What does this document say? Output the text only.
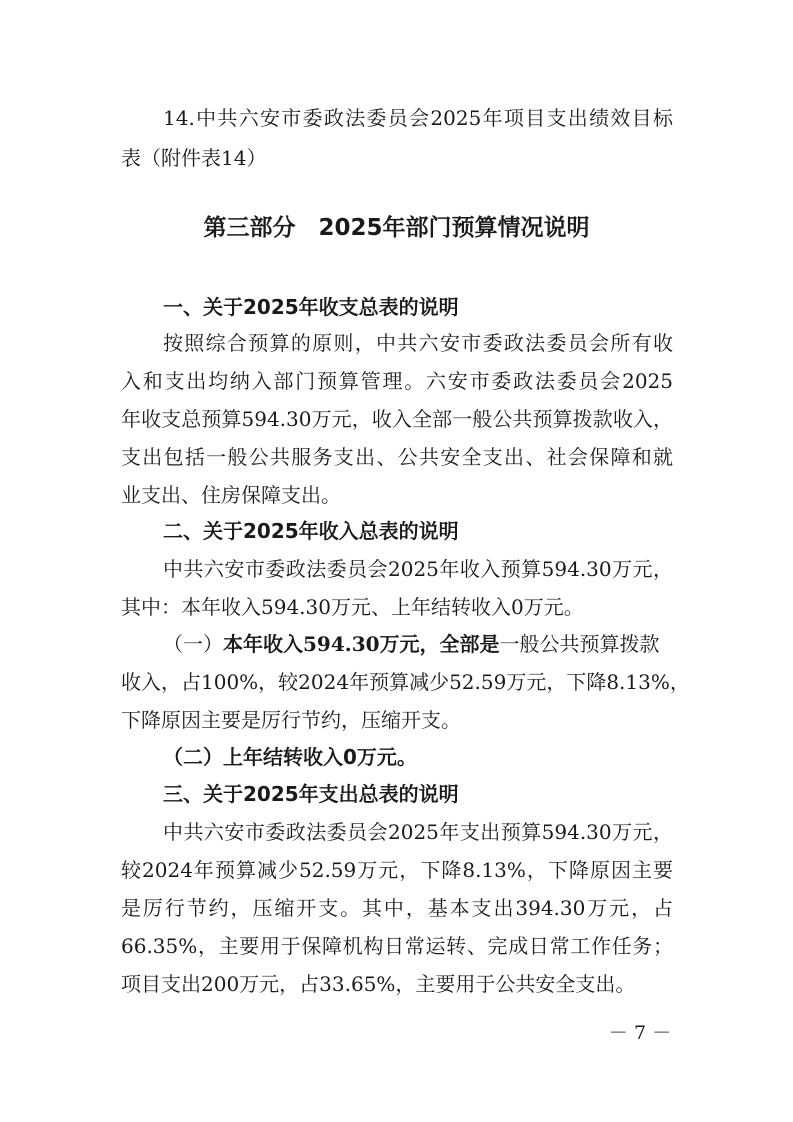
14.中共六安市委政法委员会2025年项目支出绩效目标
表（附件表14）
第三部分　2025年部门预算情况说明
一、关于2025年收支总表的说明
按照综合预算的原则，中共六安市委政法委员会所有收
入和支出均纳入部门预算管理。六安市委政法委员会2025
年收支总预算594.30万元，收入全部一般公共预算拨款收入，
支出包括一般公共服务支出、公共安全支出、社会保障和就
业支出、住房保障支出。
二、关于2025年收入总表的说明
中共六安市委政法委员会2025年收入预算594.30万元，
其中：本年收入594.30万元、上年结转收入0万元。
（一）本年收入594.30万元，全部是一般公共预算拨款
收入，占100%，较2024年预算减少52.59万元，下降8.13%，
下降原因主要是厉行节约，压缩开支。
（二）上年结转收入0万元。
三、关于2025年支出总表的说明
中共六安市委政法委员会2025年支出预算594.30万元，
较2024年预算减少52.59万元，下降8.13%，下降原因主要
是厉行节约，压缩开支。其中，基本支出394.30万元，占
66.35%，主要用于保障机构日常运转、完成日常工作任务；
项目支出200万元，占33.65%，主要用于公共安全支出。
－ 7 －
